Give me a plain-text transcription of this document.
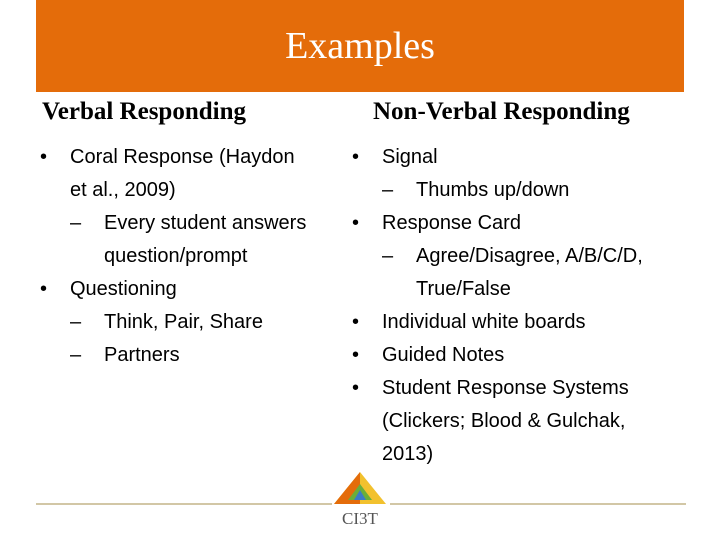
Examples
Verbal Responding	Non-Verbal Responding
• Coral Response (Haydon
et al., 2009)
– Every student answers
question/prompt
• Questioning
– Think, Pair, Share
– Partners
• Signal
– Thumbs up/down
• Response Card
– Agree/Disagree, A/B/C/D,
True/False
• Individual white boards
• Guided Notes
• Student Response Systems
(Clickers; Blood & Gulchak,
2013)
CI3T
